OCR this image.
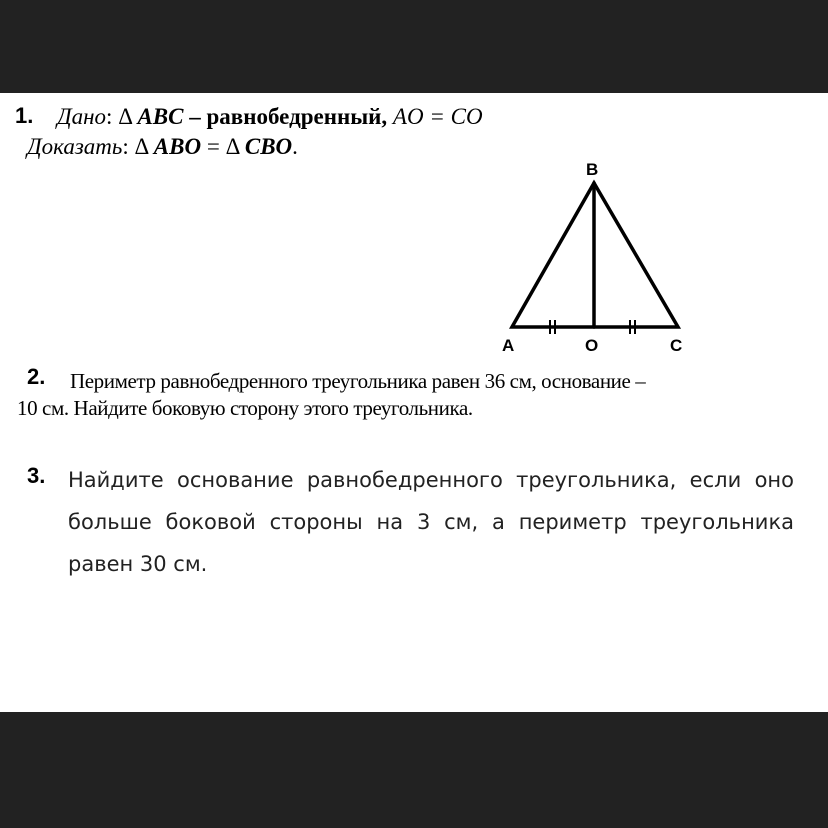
1. Дано: Δ ABC – равнобедренный, AO = CO
Доказать: Δ ABO = Δ CBO.
B
A	O	C
2. Периметр равнобедренного треугольника равен 36 см, основание –
10 см. Найдите боковую сторону этого треугольника.
3. Найдите основание равнобедренного треугольника, если оно больше боковой стороны на 3 см, а периметр треугольника равен 30 см.
